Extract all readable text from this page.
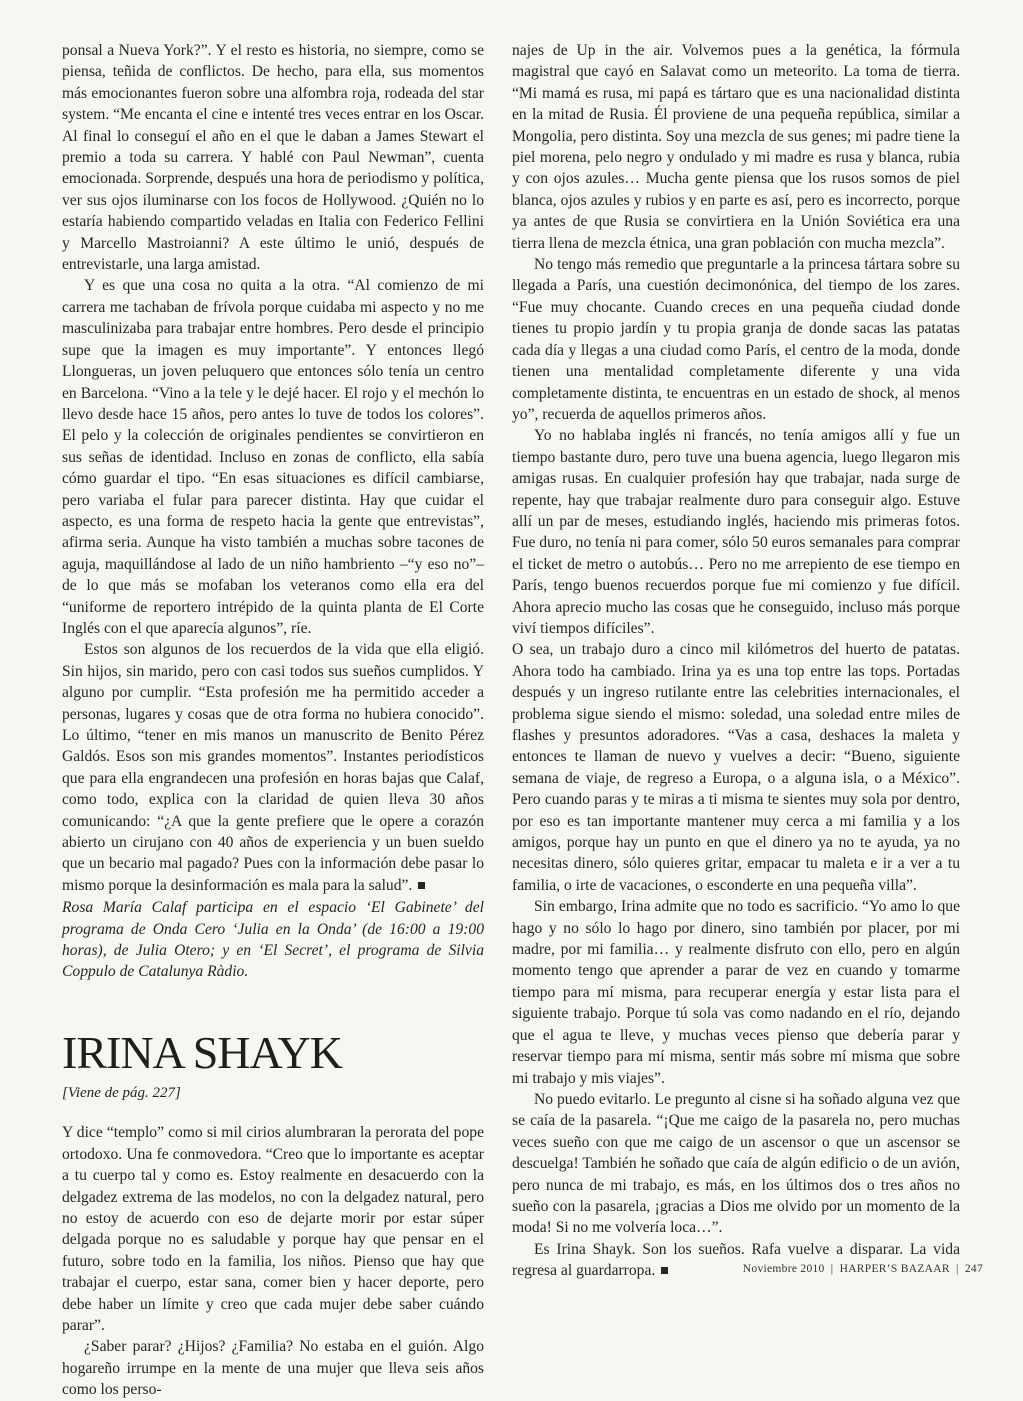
ponsal a Nueva York?”. Y el resto es historia, no siempre, como se piensa, teñida de conflictos. De hecho, para ella, sus momentos más emocionantes fueron sobre una alfombra roja, rodeada del star system. “Me encanta el cine e intenté tres veces entrar en los Oscar. Al final lo conseguí el año en el que le daban a James Stewart el premio a toda su carrera. Y hablé con Paul Newman”, cuenta emocionada. Sorprende, después una hora de periodismo y política, ver sus ojos iluminarse con los focos de Hollywood. ¿Quién no lo estaría habiendo compartido veladas en Italia con Federico Fellini y Marcello Mastroianni? A este último le unió, después de entrevistarle, una larga amistad.

Y es que una cosa no quita a la otra. “Al comienzo de mi carrera me tachaban de frívola porque cuidaba mi aspecto y no me masculinizaba para trabajar entre hombres. Pero desde el principio supe que la imagen es muy importante”. Y entonces llegó Llongueras, un joven peluquero que entonces sólo tenía un centro en Barcelona. “Vino a la tele y le dejé hacer. El rojo y el mechón lo llevo desde hace 15 años, pero antes lo tuve de todos los colores”. El pelo y la colección de originales pendientes se convirtieron en sus señas de identidad. Incluso en zonas de conflicto, ella sabía cómo guardar el tipo. “En esas situaciones es difícil cambiarse, pero variaba el fular para parecer distinta. Hay que cuidar el aspecto, es una forma de respeto hacia la gente que entrevistas”, afirma seria. Aunque ha visto también a muchas sobre tacones de aguja, maquillándose al lado de un niño hambriento –“y eso no”– de lo que más se mofaban los veteranos como ella era del “uniforme de reportero intrépido de la quinta planta de El Corte Inglés con el que aparecía algunos”, ríe.

Estos son algunos de los recuerdos de la vida que ella eligió. Sin hijos, sin marido, pero con casi todos sus sueños cumplidos. Y alguno por cumplir. “Esta profesión me ha permitido acceder a personas, lugares y cosas que de otra forma no hubiera conocido”. Lo último, “tener en mis manos un manuscrito de Benito Pérez Galdós. Esos son mis grandes momentos”. Instantes periodísticos que para ella engrandecen una profesión en horas bajas que Calaf, como todo, explica con la claridad de quien lleva 30 años comunicando: “¿A que la gente prefiere que le opere a corazón abierto un cirujano con 40 años de experiencia y un buen sueldo que un becario mal pagado? Pues con la información debe pasar lo mismo porque la desinformación es mala para la salud”.

Rosa María Calaf participa en el espacio ‘El Gabinete’ del programa de Onda Cero ‘Julia en la Onda’ (de 16:00 a 19:00 horas), de Julia Otero; y en ‘El Secret’, el programa de Silvia Coppulo de Catalunya Ràdio.

IRINA SHAYK
[Viene de pág. 227]

Y dice “templo” como si mil cirios alumbraran la perorata del pope ortodoxo. Una fe conmovedora. “Creo que lo importante es aceptar a tu cuerpo tal y como es. Estoy realmente en desacuerdo con la delgadez extrema de las modelos, no con la delgadez natural, pero no estoy de acuerdo con eso de dejarte morir por estar súper delgada porque no es saludable y porque hay que pensar en el futuro, sobre todo en la familia, los niños. Pienso que hay que trabajar el cuerpo, estar sana, comer bien y hacer deporte, pero debe haber un límite y creo que cada mujer debe saber cuándo parar”.

¿Saber parar? ¿Hijos? ¿Familia? No estaba en el guión. Algo hogareño irrumpe en la mente de una mujer que lleva seis años como los perso-

najes de Up in the air. Volvemos pues a la genética, la fórmula magistral que cayó en Salavat como un meteorito. La toma de tierra. “Mi mamá es rusa, mi papá es tártaro que es una nacionalidad distinta en la mitad de Rusia. Él proviene de una pequeña república, similar a Mongolia, pero distinta. Soy una mezcla de sus genes; mi padre tiene la piel morena, pelo negro y ondulado y mi madre es rusa y blanca, rubia y con ojos azules… Mucha gente piensa que los rusos somos de piel blanca, ojos azules y rubios y en parte es así, pero es incorrecto, porque ya antes de que Rusia se convirtiera en la Unión Soviética era una tierra llena de mezcla étnica, una gran población con mucha mezcla”.

No tengo más remedio que preguntarle a la princesa tártara sobre su llegada a París, una cuestión decimonónica, del tiempo de los zares. “Fue muy chocante. Cuando creces en una pequeña ciudad donde tienes tu propio jardín y tu propia granja de donde sacas las patatas cada día y llegas a una ciudad como París, el centro de la moda, donde tienen una mentalidad completamente diferente y una vida completamente distinta, te encuentras en un estado de shock, al menos yo”, recuerda de aquellos primeros años.

Yo no hablaba inglés ni francés, no tenía amigos allí y fue un tiempo bastante duro, pero tuve una buena agencia, luego llegaron mis amigas rusas. En cualquier profesión hay que trabajar, nada surge de repente, hay que trabajar realmente duro para conseguir algo. Estuve allí un par de meses, estudiando inglés, haciendo mis primeras fotos. Fue duro, no tenía ni para comer, sólo 50 euros semanales para comprar el ticket de metro o autobús… Pero no me arrepiento de ese tiempo en París, tengo buenos recuerdos porque fue mi comienzo y fue difícil. Ahora aprecio mucho las cosas que he conseguido, incluso más porque viví tiempos difíciles”.

O sea, un trabajo duro a cinco mil kilómetros del huerto de patatas. Ahora todo ha cambiado. Irina ya es una top entre las tops. Portadas después y un ingreso rutilante entre las celebrities internacionales, el problema sigue siendo el mismo: soledad, una soledad entre miles de flashes y presuntos adoradores. “Vas a casa, deshaces la maleta y entonces te llaman de nuevo y vuelves a decir: “Bueno, siguiente semana de viaje, de regreso a Europa, o a alguna isla, o a México”. Pero cuando paras y te miras a ti misma te sientes muy sola por dentro, por eso es tan importante mantener muy cerca a mi familia y a los amigos, porque hay un punto en que el dinero ya no te ayuda, ya no necesitas dinero, sólo quieres gritar, empacar tu maleta e ir a ver a tu familia, o irte de vacaciones, o esconderte en una pequeña villa”.

Sin embargo, Irina admite que no todo es sacrificio. “Yo amo lo que hago y no sólo lo hago por dinero, sino también por placer, por mi madre, por mi familia… y realmente disfruto con ello, pero en algún momento tengo que aprender a parar de vez en cuando y tomarme tiempo para mí misma, para recuperar energía y estar lista para el siguiente trabajo. Porque tú sola vas como nadando en el río, dejando que el agua te lleve, y muchas veces pienso que debería parar y reservar tiempo para mí misma, sentir más sobre mí misma que sobre mi trabajo y mis viajes”.

No puedo evitarlo. Le pregunto al cisne si ha soñado alguna vez que se caía de la pasarela. “¡Que me caigo de la pasarela no, pero muchas veces sueño con que me caigo de un ascensor o que un ascensor se descuelga! También he soñado que caía de algún edificio o de un avión, pero nunca de mi trabajo, es más, en los últimos dos o tres años no sueño con la pasarela, ¡gracias a Dios me olvido por un momento de la moda! Si no me volvería loca…”.

Es Irina Shayk. Son los sueños. Rafa vuelve a disparar. La vida regresa al guardarropa.	Noviembre 2010 | HARPER’S BAZAAR | 247
